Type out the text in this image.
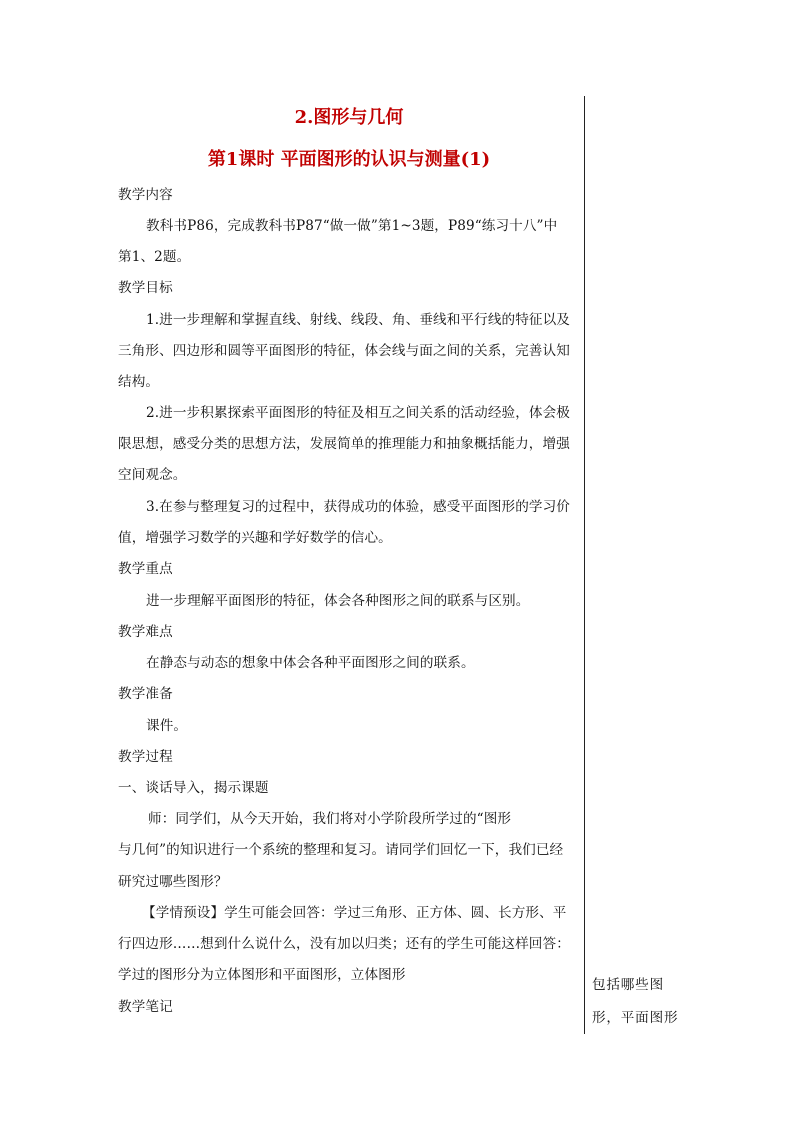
2.图形与几何
第1课时 平面图形的认识与测量(1)
教学内容
教科书P86，完成教科书P87“做一做”第1~3题，P89“练习十八”中
第1、2题。
教学目标
1.进一步理解和掌握直线、射线、线段、角、垂线和平行线的特征以及
三角形、四边形和圆等平面图形的特征，体会线与面之间的关系，完善认知
结构。
2.进一步积累探索平面图形的特征及相互之间关系的活动经验，体会极
限思想，感受分类的思想方法，发展简单的推理能力和抽象概括能力，增强
空间观念。
3.在参与整理复习的过程中，获得成功的体验，感受平面图形的学习价
值，增强学习数学的兴趣和学好数学的信心。
教学重点
进一步理解平面图形的特征，体会各种图形之间的联系与区别。
教学难点
在静态与动态的想象中体会各种平面图形之间的联系。
教学准备
课件。
教学过程
一、谈话导入，揭示课题
师：同学们，从今天开始，我们将对小学阶段所学过的“图形
与几何”的知识进行一个系统的整理和复习。请同学们回忆一下，我们已经
研究过哪些图形？
【学情预设】学生可能会回答：学过三角形、正方体、圆、长方形、平
行四边形……想到什么说什么，没有加以归类；还有的学生可能这样回答：
学过的图形分为立体图形和平面图形，立体图形
教学笔记
包括哪些图
形，平面图形
